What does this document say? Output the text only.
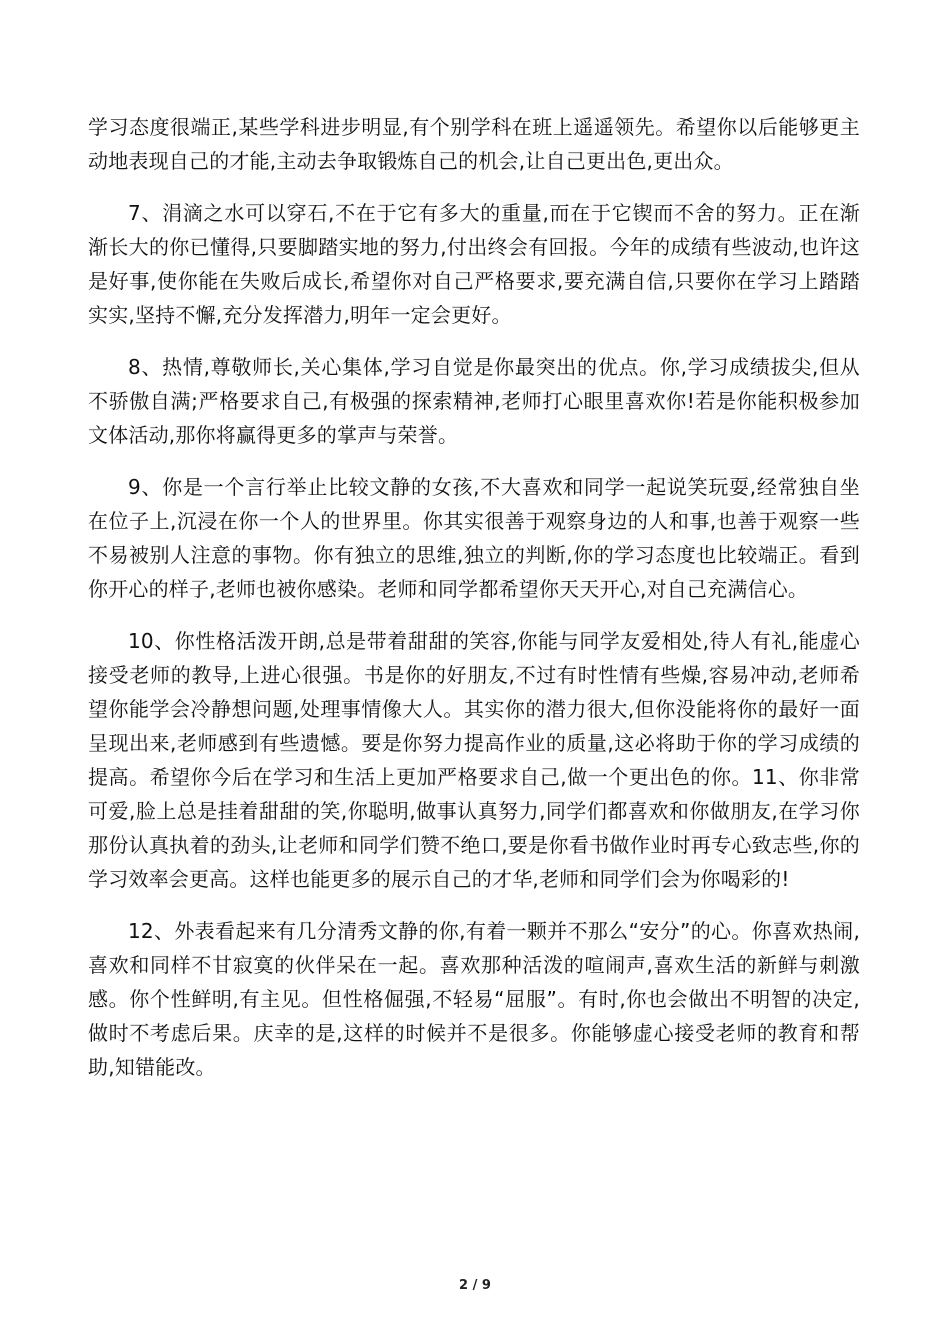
学习态度很端正,某些学科进步明显,有个别学科在班上遥遥领先。希望你以后能够更主动地表现自己的才能,主动去争取锻炼自己的机会,让自己更出色,更出众。

7、涓滴之水可以穿石,不在于它有多大的重量,而在于它锲而不舍的努力。正在渐渐长大的你已懂得,只要脚踏实地的努力,付出终会有回报。今年的成绩有些波动,也许这是好事,使你能在失败后成长,希望你对自己严格要求,要充满自信,只要你在学习上踏踏实实,坚持不懈,充分发挥潜力,明年一定会更好。

8、热情,尊敬师长,关心集体,学习自觉是你最突出的优点。你,学习成绩拔尖,但从不骄傲自满;严格要求自己,有极强的探索精神,老师打心眼里喜欢你!若是你能积极参加文体活动,那你将赢得更多的掌声与荣誉。

9、你是一个言行举止比较文静的女孩,不大喜欢和同学一起说笑玩耍,经常独自坐在位子上,沉浸在你一个人的世界里。你其实很善于观察身边的人和事,也善于观察一些不易被别人注意的事物。你有独立的思维,独立的判断,你的学习态度也比较端正。看到你开心的样子,老师也被你感染。老师和同学都希望你天天开心,对自己充满信心。

10、你性格活泼开朗,总是带着甜甜的笑容,你能与同学友爱相处,待人有礼,能虚心接受老师的教导,上进心很强。书是你的好朋友,不过有时性情有些燥,容易冲动,老师希望你能学会冷静想问题,处理事情像大人。其实你的潜力很大,但你没能将你的最好一面呈现出来,老师感到有些遗憾。要是你努力提高作业的质量,这必将助于你的学习成绩的提高。希望你今后在学习和生活上更加严格要求自己,做一个更出色的你。11、你非常可爱,脸上总是挂着甜甜的笑,你聪明,做事认真努力,同学们都喜欢和你做朋友,在学习你那份认真执着的劲头,让老师和同学们赞不绝口,要是你看书做作业时再专心致志些,你的学习效率会更高。这样也能更多的展示自己的才华,老师和同学们会为你喝彩的!

12、外表看起来有几分清秀文静的你,有着一颗并不那么“安分”的心。你喜欢热闹,喜欢和同样不甘寂寞的伙伴呆在一起。喜欢那种活泼的喧闹声,喜欢生活的新鲜与刺激感。你个性鲜明,有主见。但性格倔强,不轻易“屈服”。有时,你也会做出不明智的决定,做时不考虑后果。庆幸的是,这样的时候并不是很多。你能够虚心接受老师的教育和帮助,知错能改。

2 / 9
